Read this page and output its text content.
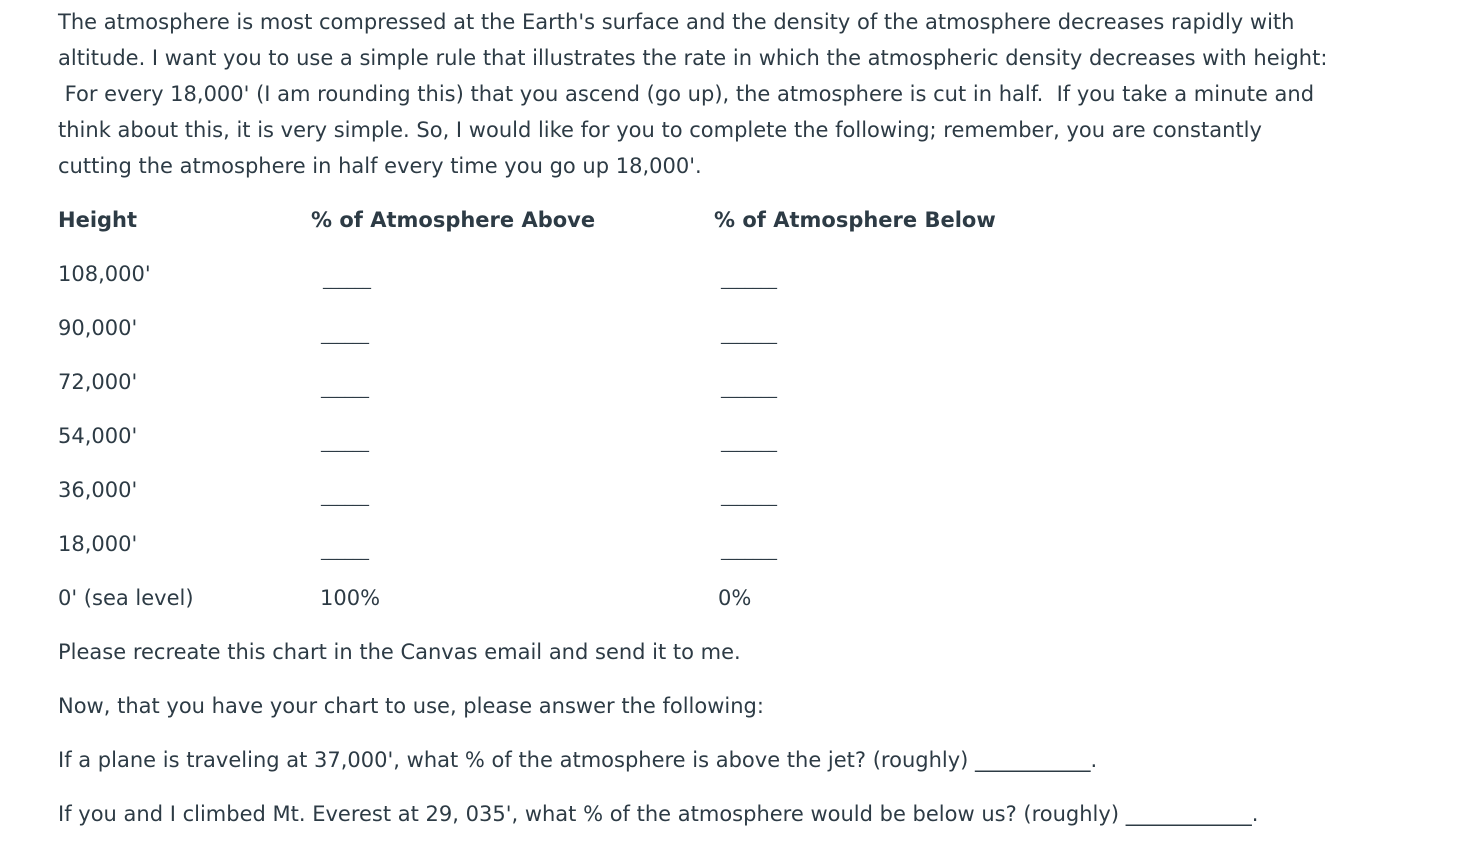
The atmosphere is most compressed at the Earth's surface and the density of the atmosphere decreases rapidly with
altitude. I want you to use a simple rule that illustrates the rate in which the atmospheric density decreases with height:
For every 18,000' (I am rounding this) that you ascend (go up), the atmosphere is cut in half.  If you take a minute and
think about this, it is very simple. So, I would like for you to complete the following; remember, you are constantly
cutting the atmosphere in half every time you go up 18,000'.
Height	% of Atmosphere Above	% of Atmosphere Below
108,000'	______	_______
90,000'	______	_______
72,000'	______	_______
54,000'	______	_______
36,000'	______	_______
18,000'	______	_______
0' (sea level)	100%	0%
Please recreate this chart in the Canvas email and send it to me.
Now, that you have your chart to use, please answer the following:
If a plane is traveling at 37,000', what % of the atmosphere is above the jet? (roughly) ___________.
If you and I climbed Mt. Everest at 29, 035', what % of the atmosphere would be below us? (roughly) ____________.
